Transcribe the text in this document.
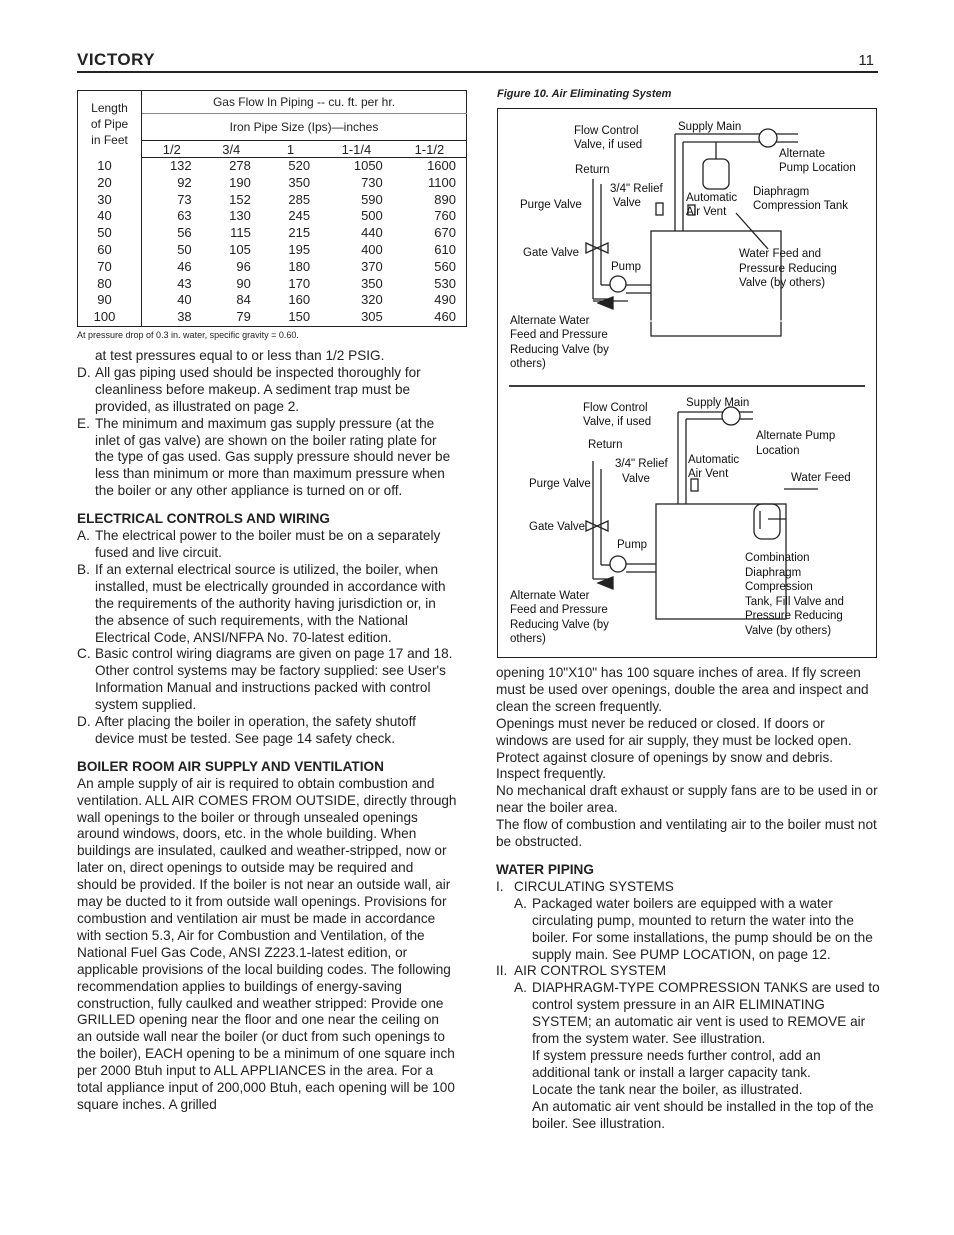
VICTORY	11
Length
of Pipe
in Feet	Gas Flow In Piping -- cu. ft. per hr.				
	Iron Pipe Size (Ips)—inches				
	1/2	3/4	1	1-1/4	1-1/2
10	132	278	520	1050	1600
20	92	190	350	730	1100
30	73	152	285	590	890
40	63	130	245	500	760
50	56	115	215	440	670
60	50	105	195	400	610
70	46	96	180	370	560
80	43	90	170	350	530
90	40	84	160	320	490
100	38	79	150	305	460
At pressure drop of 0.3 in. water, specific gravity = 0.60.

at test pressures equal to or less than 1/2 PSIG.

D. All gas piping used should be inspected thoroughly for cleanliness before makeup. A sediment trap must be provided, as illustrated on page 2.
E. The minimum and maximum gas supply pressure (at the inlet of gas valve) are shown on the boiler rating plate for the type of gas used. Gas supply pressure should never be less than minimum or more than maximum pressure when the boiler or any other appliance is turned on or off.

ELECTRICAL CONTROLS AND WIRING

A. The electrical power to the boiler must be on a separately fused and live circuit.
B. If an external electrical source is utilized, the boiler, when installed, must be electrically grounded in accordance with the requirements of the authority having jurisdiction or, in the absence of such requirements, with the National Electrical Code, ANSI/NFPA No. 70-latest edition.
C. Basic control wiring diagrams are given on page 17 and 18. Other control systems may be factory supplied: see User's Information Manual and instructions packed with control system supplied.
D. After placing the boiler in operation, the safety shutoff device must be tested. See page 14 safety check.

BOILER ROOM AIR SUPPLY AND VENTILATION

An ample supply of air is required to obtain combustion and ventilation. ALL AIR COMES FROM OUTSIDE, directly through wall openings to the boiler or through unsealed openings around windows, doors, etc. in the whole building. When buildings are insulated, caulked and weather-stripped, now or later on, direct openings to outside may be required and should be provided. If the boiler is not near an outside wall, air may be ducted to it from outside wall openings. Provisions for combustion and ventilation air must be made in accordance with section 5.3, Air for Combustion and Ventilation, of the National Fuel Gas Code, ANSI Z223.1-latest edition, or applicable provisions of the local building codes. The following recommendation applies to buildings of energy-saving construction, fully caulked and weather stripped: Provide one GRILLED opening near the floor and one near the ceiling on an outside wall near the boiler (or duct from such openings to the boiler), EACH opening to be a minimum of one square inch per 2000 Btuh input to ALL APPLIANCES in the area. For a total appliance input of 200,000 Btuh, each opening will be 100 square inches. A grilled

Figure 10. Air Eliminating System
Flow Control
Valve, if used
Supply Main
Alternate
Pump Location
Return
3/4" Relief
Valve	Automatic
Air Vent
Diaphragm
Compression Tank
Purge Valve
Gate Valve	Water Feed and
Pressure Reducing
Valve (by others)
Pump
Alternate Water
Feed and Pressure
Reducing Valve (by
others)
Flow Control
Valve, if used
Supply Main
Alternate Pump
Location
Return
3/4" Relief
Valve
Automatic
Air Vent	Water Feed
Purge Valve
Gate Valve
Pump
Combination
Diaphragm
Compression
Tank, Fill Valve and
Pressure Reducing
Valve (by others)
Alternate Water
Feed and Pressure
Reducing Valve (by
others)

opening 10"X10" has 100 square inches of area. If fly screen must be used over openings, double the area and inspect and clean the screen frequently.

Openings must never be reduced or closed. If doors or windows are used for air supply, they must be locked open. Protect against closure of openings by snow and debris. Inspect frequently.

No mechanical draft exhaust or supply fans are to be used in or near the boiler area.

The flow of combustion and ventilating air to the boiler must not be obstructed.

WATER PIPING

I. CIRCULATING SYSTEMS
A. Packaged water boilers are equipped with a water circulating pump, mounted to return the water into the boiler. For some installations, the pump should be on the supply main. See PUMP LOCATION, on page 12.
II. AIR CONTROL SYSTEM
A. DIAPHRAGM-TYPE COMPRESSION TANKS are used to control system pressure in an AIR ELIMINATING SYSTEM; an automatic air vent is used to REMOVE air from the system water. See illustration.
If system pressure needs further control, add an additional tank or install a larger capacity tank.
Locate the tank near the boiler, as illustrated.
An automatic air vent should be installed in the top of the boiler. See illustration.
